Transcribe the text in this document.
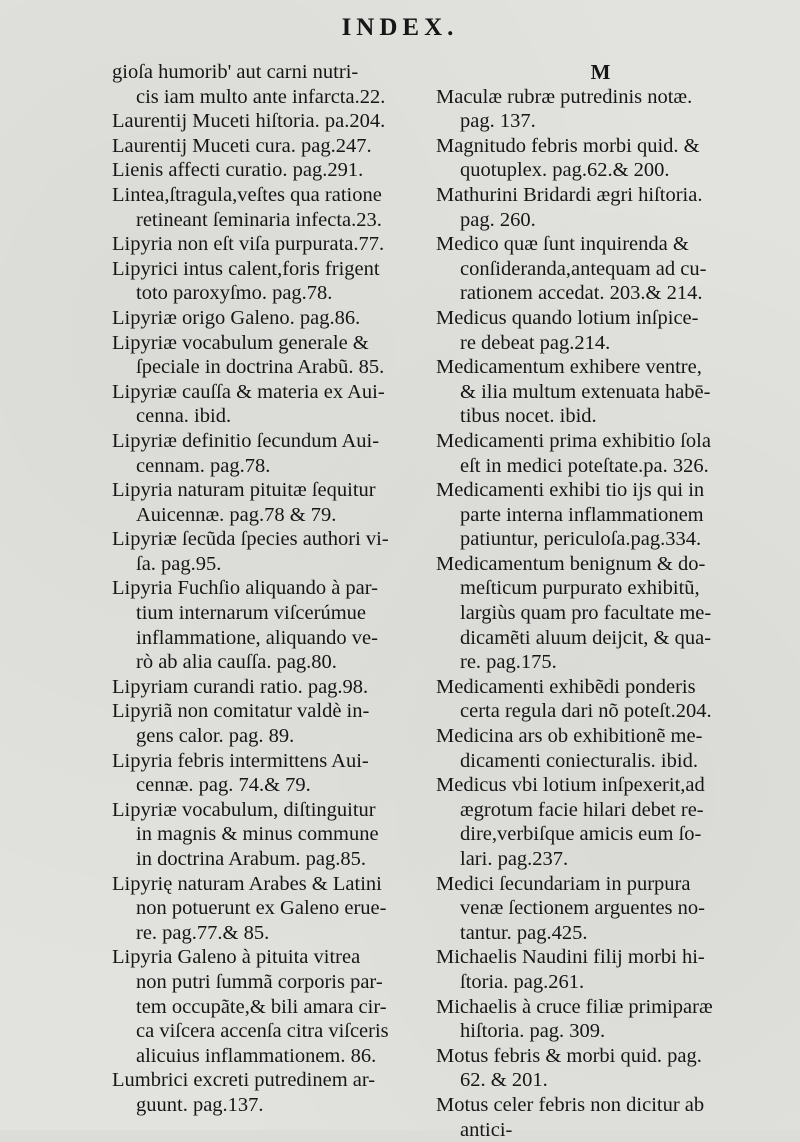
INDEX.
gioſa humorib' aut carni nutri-
cis iam multo ante infarcta.22.
Laurentij Muceti hiſtoria. pa.204.
Laurentij Muceti cura. pag.247.
Lienis affecti curatio. pag.291.
Lintea,ſtragula,veſtes qua ratione
retineant ſeminaria infecta.23.
Lipyria non eſt viſa purpurata.77.
Lipyrici intus calent,foris frigent
toto paroxyſmo. pag.78.
Lipyriæ origo Galeno. pag.86.
Lipyriæ vocabulum generale &
ſpeciale in doctrina Arabũ. 85.
Lipyriæ cauſſa & materia ex Aui-
cenna. ibid.
Lipyriæ definitio ſecundum Aui-
cennam. pag.78.
Lipyria naturam pituitæ ſequitur
Auicennæ. pag.78 & 79.
Lipyriæ ſecũda ſpecies authori vi-
ſa. pag.95.
Lipyria Fuchſio aliquando à par-
tium internarum viſcerúmue
inflammatione, aliquando ve-
rò ab alia cauſſa. pag.80.
Lipyriam curandi ratio. pag.98.
Lipyriã non comitatur valdè in-
gens calor. pag. 89.
Lipyria febris intermittens Aui-
cennæ. pag. 74.& 79.
Lipyriæ vocabulum, diſtinguitur
in magnis & minus commune
in doctrina Arabum. pag.85.
Lipyrię naturam Arabes & Latini
non potuerunt ex Galeno erue-
re. pag.77.& 85.
Lipyria Galeno à pituita vitrea
non putri ſummã corporis par-
tem occupãte,& bili amara cir-
ca viſcera accenſa citra viſceris
alicuius inflammationem. 86.
Lumbrici excreti putredinem ar-
guunt. pag.137.
M
Maculæ rubræ putredinis notæ.
pag. 137.
Magnitudo febris morbi quid. &
quotuplex. pag.62.& 200.
Mathurini Bridardi ægri hiſtoria.
pag. 260.
Medico quæ ſunt inquirenda &
conſideranda,antequam ad cu-
rationem accedat. 203.& 214.
Medicus quando lotium inſpice-
re debeat pag.214.
Medicamentum exhibere ventre,
& ilia multum extenuata habē-
tibus nocet. ibid.
Medicamenti prima exhibitio ſola
eſt in medici poteſtate.pa. 326.
Medicamenti exhibi tio ijs qui in
parte interna inflammationem
patiuntur, periculoſa.pag.334.
Medicamentum benignum & do-
meſticum purpurato exhibitũ,
largiùs quam pro facultate me-
dicamẽti aluum deijcit, & qua-
re. pag.175.
Medicamenti exhibẽdi ponderis
certa regula dari nõ poteſt.204.
Medicina ars ob exhibitionẽ me-
dicamenti coniecturalis. ibid.
Medicus vbi lotium inſpexerit,ad
ægrotum facie hilari debet re-
dire,verbiſque amicis eum ſo-
lari. pag.237.
Medici ſecundariam in purpura
venæ ſectionem arguentes no-
tantur. pag.425.
Michaelis Naudini filij morbi hi-
ſtoria. pag.261.
Michaelis à cruce filiæ primiparæ
hiſtoria. pag. 309.
Motus febris & morbi quid. pag.
62. & 201.
Motus celer febris non dicitur ab
antici-
